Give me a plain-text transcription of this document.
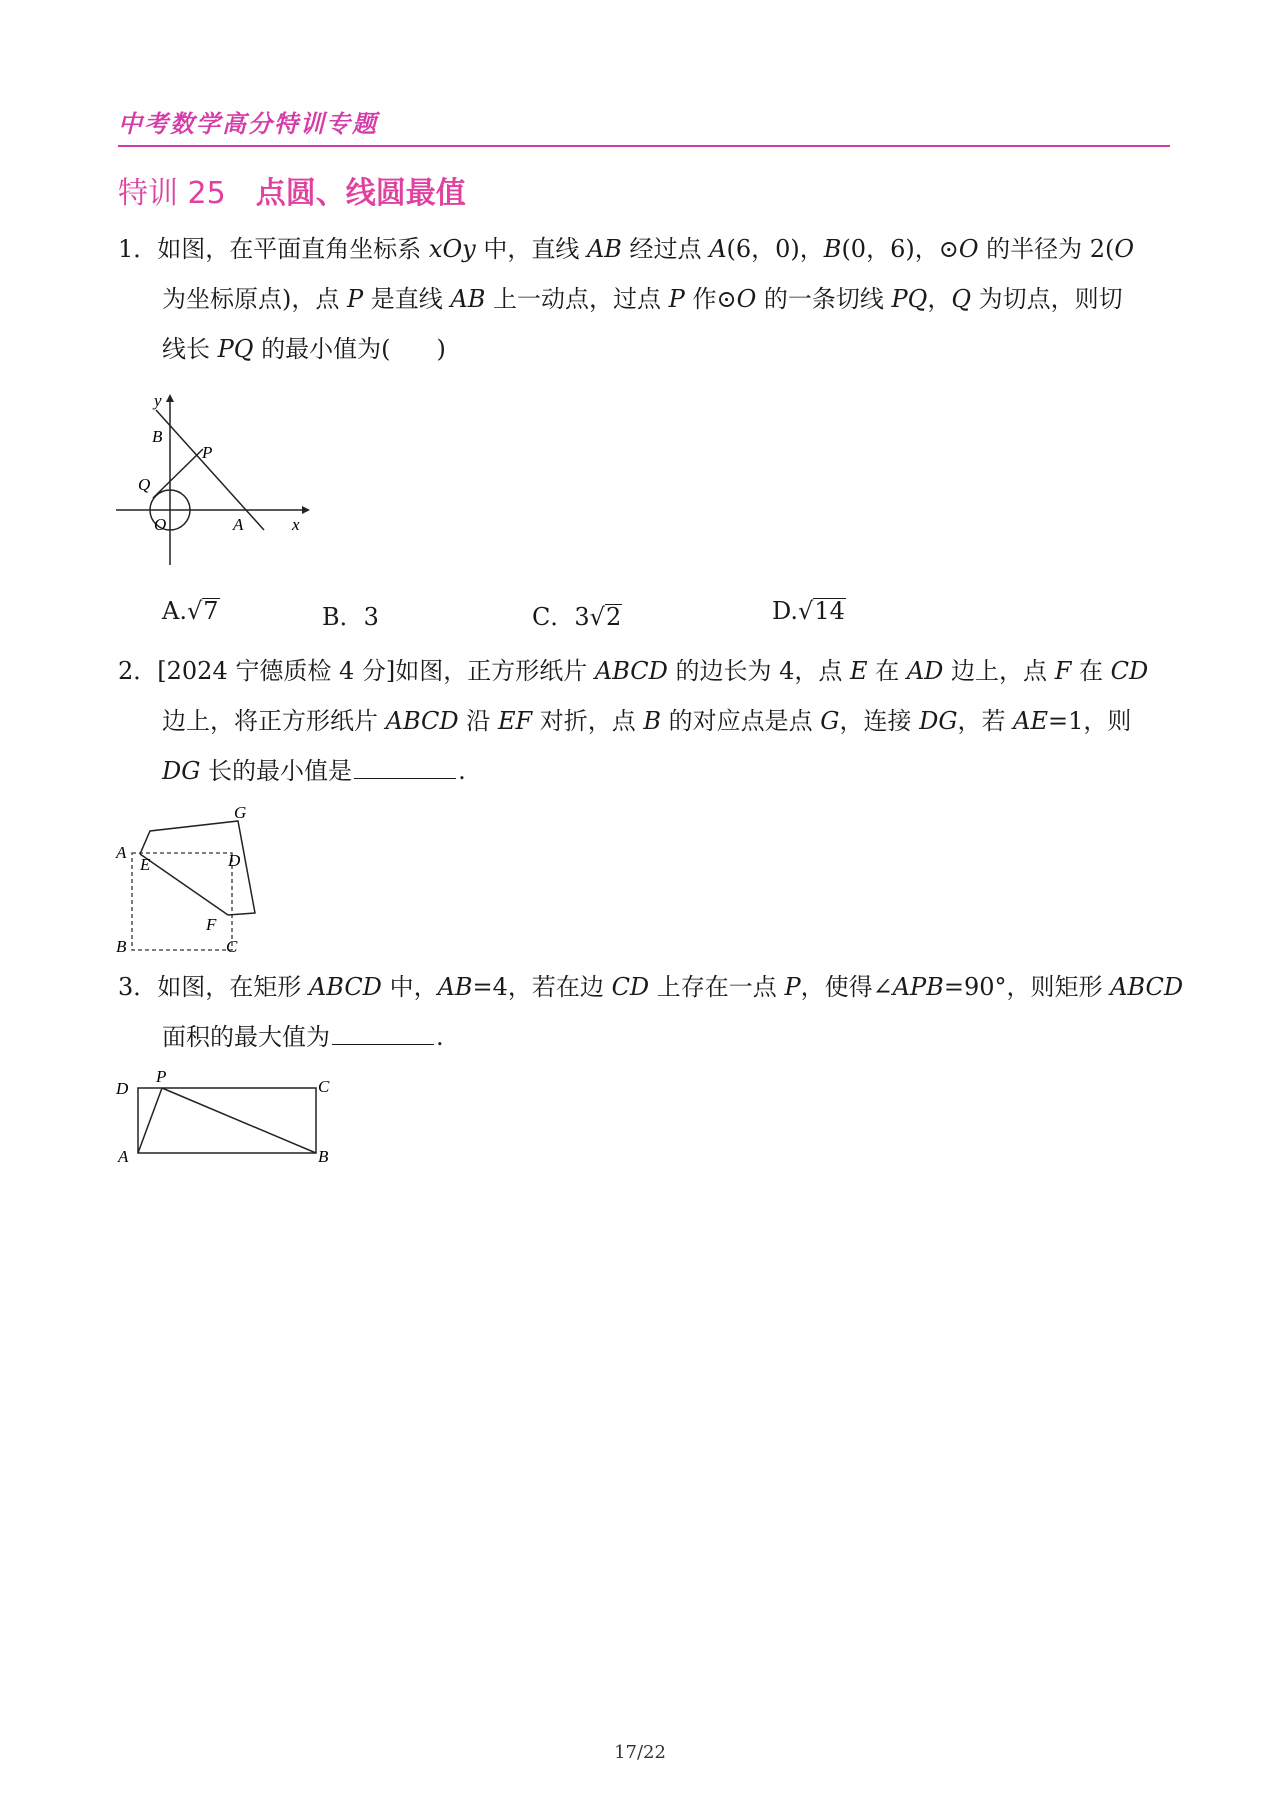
中考数学高分特训专题
特训 25 点圆、线圆最值
1．如图，在平面直角坐标系 xOy 中，直线 AB 经过点 A(6，0)，B(0，6)，⊙O 的半径为 2(O
为坐标原点)，点 P 是直线 AB 上一动点，过点 P 作⊙O 的一条切线 PQ，Q 为切点，则切
线长 PQ 的最小值为( )
y
x
B
P
Q
O	A
A.√7	B．3	C．3√2	D.√14
2．[2024 宁德质检 4 分]如图，正方形纸片 ABCD 的边长为 4，点 E 在 AD 边上，点 F 在 CD
边上，将正方形纸片 ABCD 沿 EF 对折，点 B 的对应点是点 G，连接 DG，若 AE=1，则
DG 长的最小值是	.
G
A
E	D
F
B	C
3．如图，在矩形 ABCD 中，AB=4，若在边 CD 上存在一点 P，使得∠APB=90°，则矩形 ABCD
面积的最大值为	.
D
P
C
A	B
17/22
